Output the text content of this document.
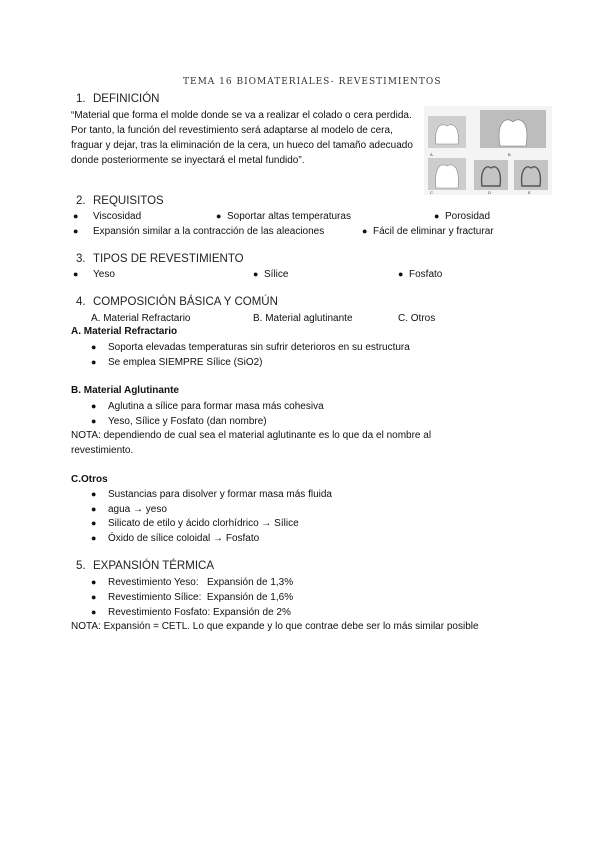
TEMA 16 BIOMATERIALES- REVESTIMIENTOS
1. DEFINICIÓN
“Material que forma el molde donde se va a realizar el colado o cera perdida. Por tanto, la función del revestimiento será adaptarse al modelo de cera, fraguar y dejar, tras la eliminación de la cera, un hueco del tamaño adecuado donde posteriormente se inyectará el metal fundido”.
A	B
C	D	E
2. REQUISITOS
● Viscosidad	● Soportar altas temperaturas	● Porosidad
● Expansión similar a la contracción de las aleaciones	● Fácil de eliminar y fracturar
3. TIPOS DE REVESTIMIENTO
● Yeso	● Sílice	● Fosfato
4. COMPOSICIÓN BÁSICA Y COMÚN
A. Material Refractario	B. Material aglutinante	C. Otros
A. Material Refractario
● Soporta elevadas temperaturas sin sufrir deterioros en su estructura
● Se emplea SIEMPRE Sílice (SiO2)
B. Material Aglutinante
● Aglutina a sílice para formar masa más cohesiva
● Yeso, Sílice y Fosfato (dan nombre)
NOTA: dependiendo de cual sea el material aglutinante es lo que da el nombre al
revestimiento.
C.Otros
● Sustancias para disolver y formar masa más fluida
● agua → yeso
● Silicato de etilo y ácido clorhídrico → Sílice
● Óxido de sílice coloidal → Fosfato
5. EXPANSIÓN TÉRMICA
● Revestimiento Yeso:   Expansión de 1,3%
● Revestimiento Sílice:  Expansión de 1,6%
● Revestimiento Fosfato: Expansión de 2%
NOTA: Expansión = CETL. Lo que expande y lo que contrae debe ser lo más similar posible
